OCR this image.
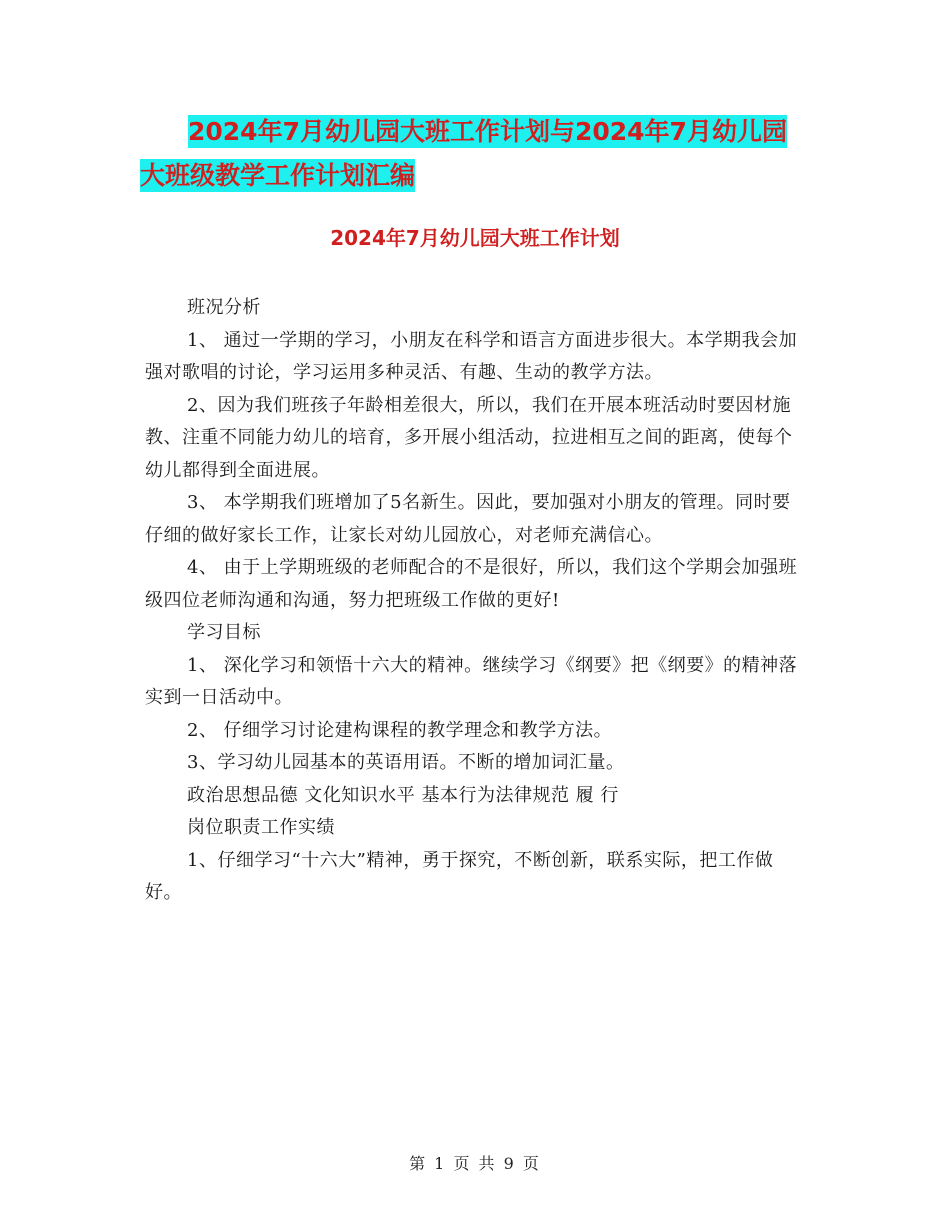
2024年7月幼儿园大班工作计划与2024年7月幼儿园
大班级教学工作计划汇编
2024年7月幼儿园大班工作计划

班况分析

1、 通过一学期的学习，小朋友在科学和语言方面进步很大。本学期我会加强对歌唱的讨论，学习运用多种灵活、有趣、生动的教学方法。

2、因为我们班孩子年龄相差很大，所以，我们在开展本班活动时要因材施教、注重不同能力幼儿的培育，多开展小组活动，拉进相互之间的距离，使每个幼儿都得到全面进展。

3、 本学期我们班增加了5名新生。因此，要加强对小朋友的管理。同时要仔细的做好家长工作，让家长对幼儿园放心，对老师充满信心。

4、 由于上学期班级的老师配合的不是很好，所以，我们这个学期会加强班级四位老师沟通和沟通，努力把班级工作做的更好!

学习目标

1、 深化学习和领悟十六大的精神。继续学习《纲要》把《纲要》的精神落实到一日活动中。

2、 仔细学习讨论建构课程的教学理念和教学方法。

3、学习幼儿园基本的英语用语。不断的增加词汇量。

政治思想品德 文化知识水平 基本行为法律规范 履 行

岗位职责工作实绩

1、仔细学习“十六大”精神，勇于探究，不断创新，联系实际，把工作做好。

第 1 页 共 9 页
